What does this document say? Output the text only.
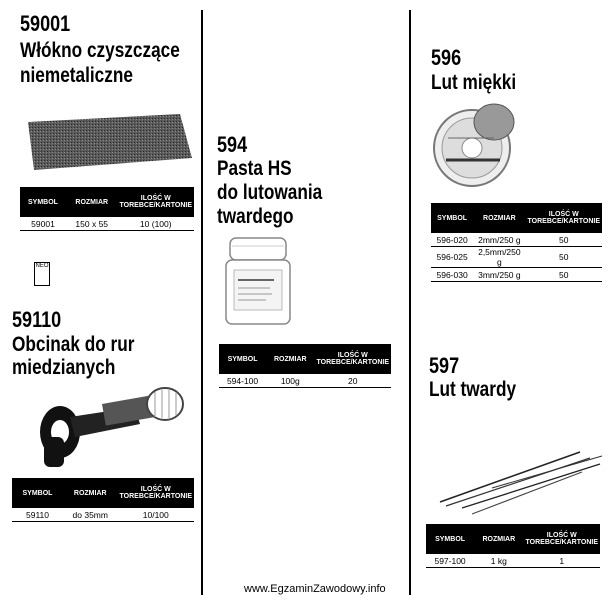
59001
Włókno czyszczące
niemetaliczne
SYMBOL	ROZMIAR	ILOŚĆ W TOREBCE/KARTONIE
59001	150 x 55	10 (100)
NEO
59110
Obcinak do rur
miedzianych
SYMBOL	ROZMIAR	ILOŚĆ W TOREBCE/KARTONIE
59110	do 35mm	10/100
594
Pasta HS
do lutowania
twardego
SYMBOL	ROZMIAR	ILOŚĆ W TOREBCE/KARTONIE
594-100	100g	20
596
Lut miękki
SYMBOL	ROZMIAR	ILOŚĆ W TOREBCE/KARTONIE
596-020	2mm/250 g	50
596-025	2,5mm/250 g	50
596-030	3mm/250 g	50
597
Lut twardy
SYMBOL	ROZMIAR	ILOŚĆ W TOREBCE/KARTONIE
597-100	1 kg	1
www.EgzaminZawodowy.info
